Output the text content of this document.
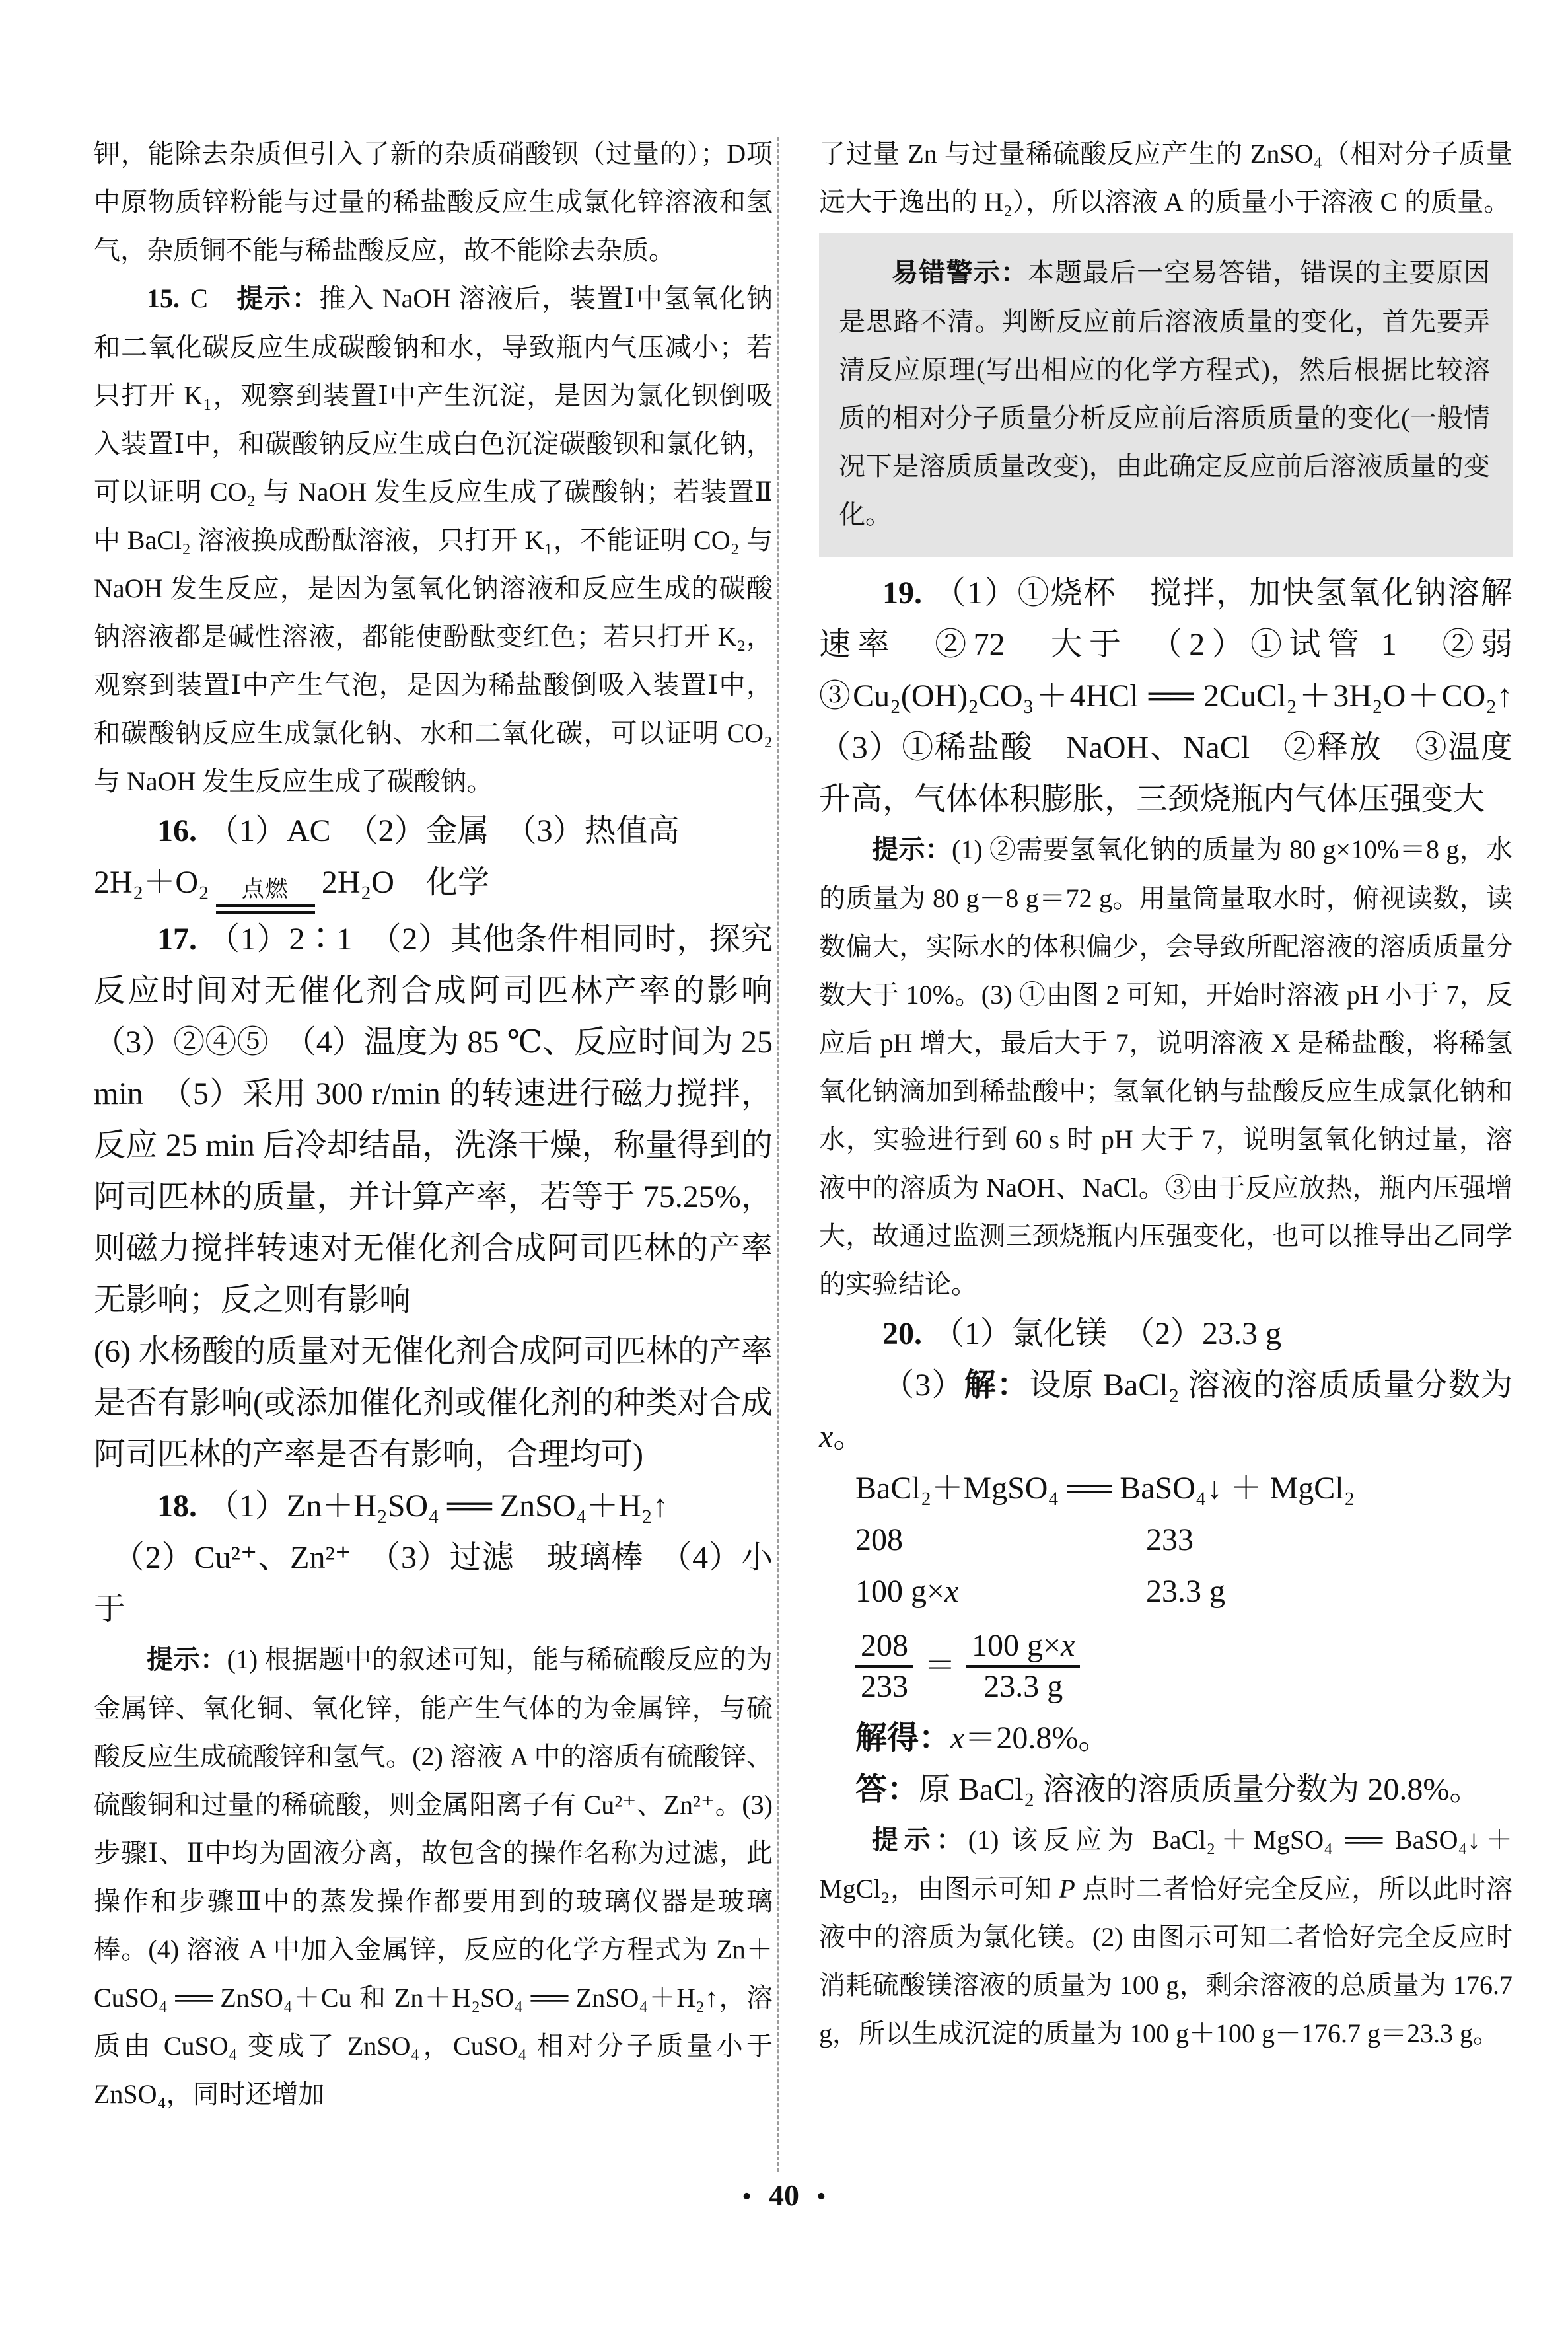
钾，能除去杂质但引入了新的杂质硝酸钡（过量的）；D项中原物质锌粉能与过量的稀盐酸反应生成氯化锌溶液和氢气，杂质铜不能与稀盐酸反应，故不能除去杂质。

15. C　提示：推入 NaOH 溶液后，装置Ⅰ中氢氧化钠和二氧化碳反应生成碳酸钠和水，导致瓶内气压减小；若只打开 K₁，观察到装置Ⅰ中产生沉淀，是因为氯化钡倒吸入装置Ⅰ中，和碳酸钠反应生成白色沉淀碳酸钡和氯化钠，可以证明 CO₂ 与 NaOH 发生反应生成了碳酸钠；若装置Ⅱ中 BaCl₂ 溶液换成酚酞溶液，只打开 K₁，不能证明 CO₂ 与 NaOH 发生反应，是因为氢氧化钠溶液和反应生成的碳酸钠溶液都是碱性溶液，都能使酚酞变红色；若只打开 K₂，观察到装置Ⅰ中产生气泡，是因为稀盐酸倒吸入装置Ⅰ中，和碳酸钠反应生成氯化钠、水和二氧化碳，可以证明 CO₂ 与 NaOH 发生反应生成了碳酸钠。

16. （1）AC　（2）金属　（3）热值高

2H₂＋O₂ 点燃 2H₂O　化学

17. （1）2∶1　（2）其他条件相同时，探究反应时间对无催化剂合成阿司匹林产率的影响　（3）②④⑤　（4）温度为 85 ℃、反应时间为 25 min　（5）采用 300 r/min 的转速进行磁力搅拌，反应 25 min 后冷却结晶，洗涤干燥，称量得到的阿司匹林的质量，并计算产率，若等于 75.25%，则磁力搅拌转速对无催化剂合成阿司匹林的产率无影响；反之则有影响

(6) 水杨酸的质量对无催化剂合成阿司匹林的产率是否有影响(或添加催化剂或催化剂的种类对合成阿司匹林的产率是否有影响，合理均可)

18. （1）Zn＋H₂SO₄ ══ ZnSO₄＋H₂↑

（2）Cu²⁺、Zn²⁺　（3）过滤　玻璃棒　（4）小于

提示：(1) 根据题中的叙述可知，能与稀硫酸反应的为金属锌、氧化铜、氧化锌，能产生气体的为金属锌，与硫酸反应生成硫酸锌和氢气。(2) 溶液 A 中的溶质有硫酸锌、硫酸铜和过量的稀硫酸，则金属阳离子有 Cu²⁺、Zn²⁺。(3) 步骤Ⅰ、Ⅱ中均为固液分离，故包含的操作名称为过滤，此操作和步骤Ⅲ中的蒸发操作都要用到的玻璃仪器是玻璃棒。(4) 溶液 A 中加入金属锌，反应的化学方程式为 Zn＋CuSO₄ ══ ZnSO₄＋Cu 和 Zn＋H₂SO₄ ══ ZnSO₄＋H₂↑，溶质由 CuSO₄ 变成了 ZnSO₄，CuSO₄ 相对分子质量小于 ZnSO₄，同时还增加

了过量 Zn 与过量稀硫酸反应产生的 ZnSO₄（相对分子质量远大于逸出的 H₂），所以溶液 A 的质量小于溶液 C 的质量。

易错警示：本题最后一空易答错，错误的主要原因是思路不清。判断反应前后溶液质量的变化，首先要弄清反应原理(写出相应的化学方程式)，然后根据比较溶质的相对分子质量分析反应前后溶质质量的变化(一般情况下是溶质质量改变)，由此确定反应前后溶液质量的变化。

19. （1）①烧杯　搅拌，加快氢氧化钠溶解速率　②72　大于　（2）①试管 1　②弱③Cu₂(OH)₂CO₃＋4HCl ══ 2CuCl₂＋3H₂O＋CO₂↑　（3）①稀盐酸　NaOH、NaCl　②释放　③温度升高，气体体积膨胀，三颈烧瓶内气体压强变大

提示：(1) ②需要氢氧化钠的质量为 80 g×10%＝8 g，水的质量为 80 g－8 g＝72 g。用量筒量取水时，俯视读数，读数偏大，实际水的体积偏少，会导致所配溶液的溶质质量分数大于 10%。(3) ①由图 2 可知，开始时溶液 pH 小于 7，反应后 pH 增大，最后大于 7，说明溶液 X 是稀盐酸，将稀氢氧化钠滴加到稀盐酸中；氢氧化钠与盐酸反应生成氯化钠和水，实验进行到 60 s 时 pH 大于 7，说明氢氧化钠过量，溶液中的溶质为 NaOH、NaCl。③由于反应放热，瓶内压强增大，故通过监测三颈烧瓶内压强变化，也可以推导出乙同学的实验结论。

20. （1）氯化镁　（2）23.3 g

（3）解：设原 BaCl₂ 溶液的溶质质量分数为 x。

BaCl₂＋MgSO₄ ══ BaSO₄↓ ＋ MgCl₂

208	233
100 g×x	23.3 g
$\frac{208}{233} = \frac{100 g\times x}{23.3 g}$

解得：x＝20.8%。

答：原 BaCl₂ 溶液的溶质质量分数为 20.8%。

提示：(1) 该反应为 BaCl₂＋MgSO₄ ══ BaSO₄↓＋ MgCl₂，由图示可知 P 点时二者恰好完全反应，所以此时溶液中的溶质为氯化镁。(2) 由图示可知二者恰好完全反应时消耗硫酸镁溶液的质量为 100 g，剩余溶液的总质量为 176.7 g，所以生成沉淀的质量为 100 g＋100 g－176.7 g＝23.3 g。

• 40 •
